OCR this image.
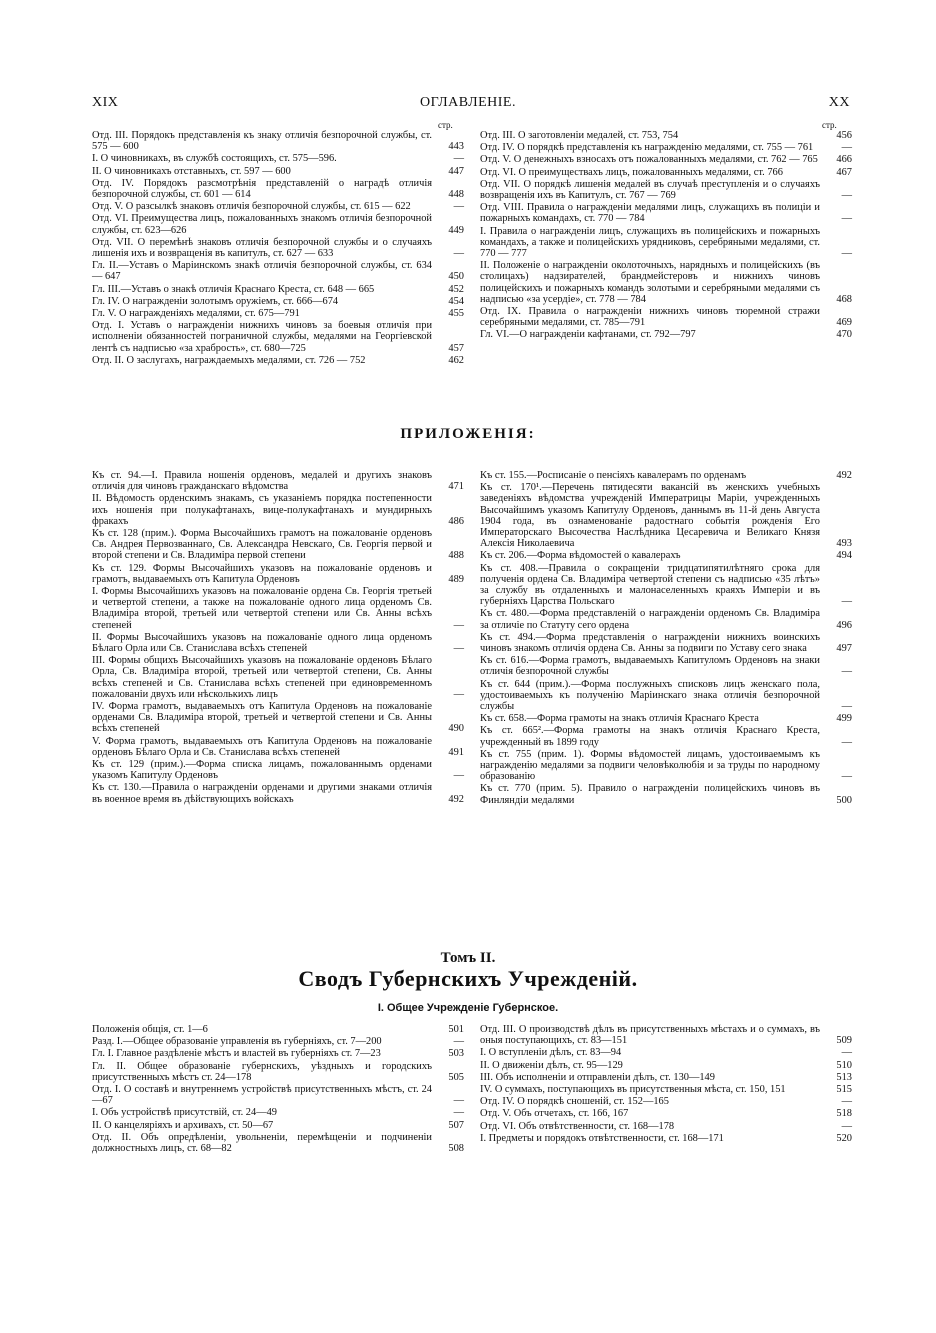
XIX	ОГЛАВЛЕНІЕ.	XX
стр.	стр.
Отд. III. Порядокъ представленія къ знаку отличія безпорочной службы, ст. 575 — 600	443
I. О чиновникахъ, въ службѣ состоящихъ, ст. 575—596.	—
II. О чиновникахъ отставныхъ, ст. 597 — 600	447
Отд. IV. Порядокъ разсмотрѣнія представленій о наградѣ отличія безпорочной службы, ст. 601 — 614	448
Отд. V. О разсылкѣ знаковъ отличія безпорочной службы, ст. 615 — 622	—
Отд. VI. Преимущества лицъ, пожалованныхъ знакомъ отличія безпорочной службы, ст. 623—626	449
Отд. VII. О перемѣнѣ знаковъ отличія безпорочной службы и о случаяхъ лишенія ихъ и возвращенія въ капитулъ, ст. 627 — 633	—
Гл. II.—Уставъ о Маріинскомъ знакѣ отличія безпорочной службы, ст. 634 — 647	450
Гл. III.—Уставъ о знакѣ отличія Краснаго Креста, ст. 648 — 665	452
Гл. IV. О награжденіи золотымъ оружіемъ, ст. 666—674	454
Гл. V. О награжденіяхъ медалями, ст. 675—791	455
Отд. I. Уставъ о награжденіи нижнихъ чиновъ за боевыя отличія при исполненіи обязанностей пограничной службы, медалями на Георгіевской лентѣ съ надписью «за храбрость», ст. 680—725	457
Отд. II. О заслугахъ, награждаемыхъ медалями, ст. 726 — 752	462
Отд. III. О заготовленіи медалей, ст. 753, 754	456
Отд. IV. О порядкѣ представленія къ награжденію медалями, ст. 755 — 761	—
Отд. V. О денежныхъ взносахъ отъ пожалованныхъ медалями, ст. 762 — 765	466
Отд. VI. О преимуществахъ лицъ, пожалованныхъ медалями, ст. 766	467
Отд. VII. О порядкѣ лишенія медалей въ случаѣ преступленія и о случаяхъ возвращенія ихъ въ Капитулъ, ст. 767 — 769	—
Отд. VIII. Правила о награжденіи медалями лицъ, служащихъ въ полиціи и пожарныхъ командахъ, ст. 770 — 784	—
I. Правила о награжденіи лицъ, служащихъ въ полицейскихъ и пожарныхъ командахъ, а также и полицейскихъ урядниковъ, серебряными медалями, ст. 770 — 777	—
II. Положеніе о награжденіи околоточныхъ, нарядныхъ и полицейскихъ (въ столицахъ) надзирателей, брандмейстеровъ и нижнихъ чиновъ полицейскихъ и пожарныхъ командъ золотыми и серебряными медалями съ надписью «за усердіе», ст. 778 — 784	468
Отд. IX. Правила о награжденіи нижнихъ чиновъ тюремной стражи серебряными медалями, ст. 785—791	469
Гл. VI.—О награжденіи кафтанами, ст. 792—797	470
ПРИЛОЖЕНІЯ:
Къ ст. 94.—I. Правила ношенія орденовъ, медалей и другихъ знаковъ отличія для чиновъ гражданскаго вѣдомства	471
II. Вѣдомость орденскимъ знакамъ, съ указаніемъ порядка постепенности ихъ ношенія при полукафтанахъ, вице-полукафтанахъ и мундирныхъ фракахъ	486
Къ ст. 128 (прим.). Форма Высочайшихъ грамотъ на пожалованіе орденовъ Св. Андрея Первозваннаго, Св. Александра Невскаго, Св. Георгія первой и второй степени и Св. Владиміра первой степени	488
Къ ст. 129. Формы Высочайшихъ указовъ на пожалованіе орденовъ и грамотъ, выдаваемыхъ отъ Капитула Орденовъ	489
I. Формы Высочайшихъ указовъ на пожалованіе ордена Св. Георгія третьей и четвертой степени, а также на пожалованіе одного лица орденомъ Св. Владиміра второй, третьей или четвертой степени или Св. Анны всѣхъ степеней	—
II. Формы Высочайшихъ указовъ на пожалованіе одного лица орденомъ Бѣлаго Орла или Св. Станислава всѣхъ степеней	—
III. Формы общихъ Высочайшихъ указовъ на пожалованіе орденовъ Бѣлаго Орла, Св. Владиміра второй, третьей или четвертой степени, Св. Анны всѣхъ степеней и Св. Станислава всѣхъ степеней при единовременномъ пожалованіи двухъ или нѣсколькихъ лицъ	—
IV. Форма грамотъ, выдаваемыхъ отъ Капитула Орденовъ на пожалованіе орденами Св. Владиміра второй, третьей и четвертой степени и Св. Анны всѣхъ степеней	490
V. Форма грамотъ, выдаваемыхъ отъ Капитула Орденовъ на пожалованіе орденовъ Бѣлаго Орла и Св. Станислава всѣхъ степеней	491
Къ ст. 129 (прим.).—Форма списка лицамъ, пожалованнымъ орденами указомъ Капитулу Орденовъ	—
Къ ст. 130.—Правила о награжденіи орденами и другими знаками отличія въ военное время въ дѣйствующихъ войскахъ	492
Къ ст. 155.—Росписаніе о пенсіяхъ кавалерамъ по орденамъ	492
Къ ст. 170¹.—Перечень пятидесяти вакансій въ женскихъ учебныхъ заведеніяхъ вѣдомства учрежденій Императрицы Маріи, учрежденныхъ Высочайшимъ указомъ Капитулу Орденовъ, даннымъ въ 11-й день Августа 1904 года, въ ознаменованіе радостнаго событія рожденія Его Императорскаго Высочества Наслѣдника Цесаревича и Великаго Князя Алексія Николаевича	493
Къ ст. 206.—Форма вѣдомостей о кавалерахъ	494
Къ ст. 408.—Правила о сокращеніи тридцатипятилѣтняго срока для полученія ордена Св. Владиміра четвертой степени съ надписью «35 лѣтъ» за службу въ отдаленныхъ и малонаселенныхъ краяхъ Имперіи и въ губерніяхъ Царства Польскаго	—
Къ ст. 480.—Форма представленій о награжденіи орденомъ Св. Владиміра за отличіе по Статуту сего ордена	496
Къ ст. 494.—Форма представленія о награжденіи нижнихъ воинскихъ чиновъ знакомъ отличія ордена Св. Анны за подвиги по Уставу сего знака	497
Къ ст. 616.—Форма грамотъ, выдаваемыхъ Капитуломъ Орденовъ на знаки отличія безпорочной службы	—
Къ ст. 644 (прим.).—Форма послужныхъ списковъ лицъ женскаго пола, удостоиваемыхъ къ полученію Маріинскаго знака отличія безпорочной службы	—
Къ ст. 658.—Форма грамоты на знакъ отличія Краснаго Креста	499
Къ ст. 665².—Форма грамоты на знакъ отличія Краснаго Креста, учрежденный въ 1899 году	—
Къ ст. 755 (прим. 1). Формы вѣдомостей лицамъ, удостоиваемымъ къ награжденію медалями за подвиги человѣколюбія и за труды по народному образованію	—
Къ ст. 770 (прим. 5). Правило о награжденіи полицейскихъ чиновъ въ Финляндіи медалями	500
Томъ II.
Сводъ Губернскихъ Учрежденій.
I. Общее Учрежденіе Губернское.
Положенія общія, ст. 1—6	501
Разд. I.—Общее образованіе управленія въ губерніяхъ, ст. 7—200	—
Гл. I. Главное раздѣленіе мѣстъ и властей въ губерніяхъ ст. 7—23	503
Гл. II. Общее образованіе губернскихъ, уѣздныхъ и городскихъ присутственныхъ мѣстъ ст. 24—178	505
Отд. I. О составѣ и внутреннемъ устройствѣ присутственныхъ мѣстъ, ст. 24—67	—
I. Объ устройствѣ присутствій, ст. 24—49	—
II. О канцеляріяхъ и архивахъ, ст. 50—67	507
Отд. II. Объ опредѣленіи, увольненіи, перемѣщеніи и подчиненіи должностныхъ лицъ, ст. 68—82	508
Отд. III. О производствѣ дѣлъ въ присутственныхъ мѣстахъ и о суммахъ, въ оныя поступающихъ, ст. 83—151	509
I. О вступленіи дѣлъ, ст. 83—94	—
II. О движеніи дѣлъ, ст. 95—129	510
III. Объ исполненіи и отправленіи дѣлъ, ст. 130—149	513
IV. О суммахъ, поступающихъ въ присутственныя мѣста, ст. 150, 151	515
Отд. IV. О порядкѣ сношеній, ст. 152—165	—
Отд. V. Объ отчетахъ, ст. 166, 167	518
Отд. VI. Объ отвѣтственности, ст. 168—178	—
I. Предметы и порядокъ отвѣтственности, ст. 168—171	520
